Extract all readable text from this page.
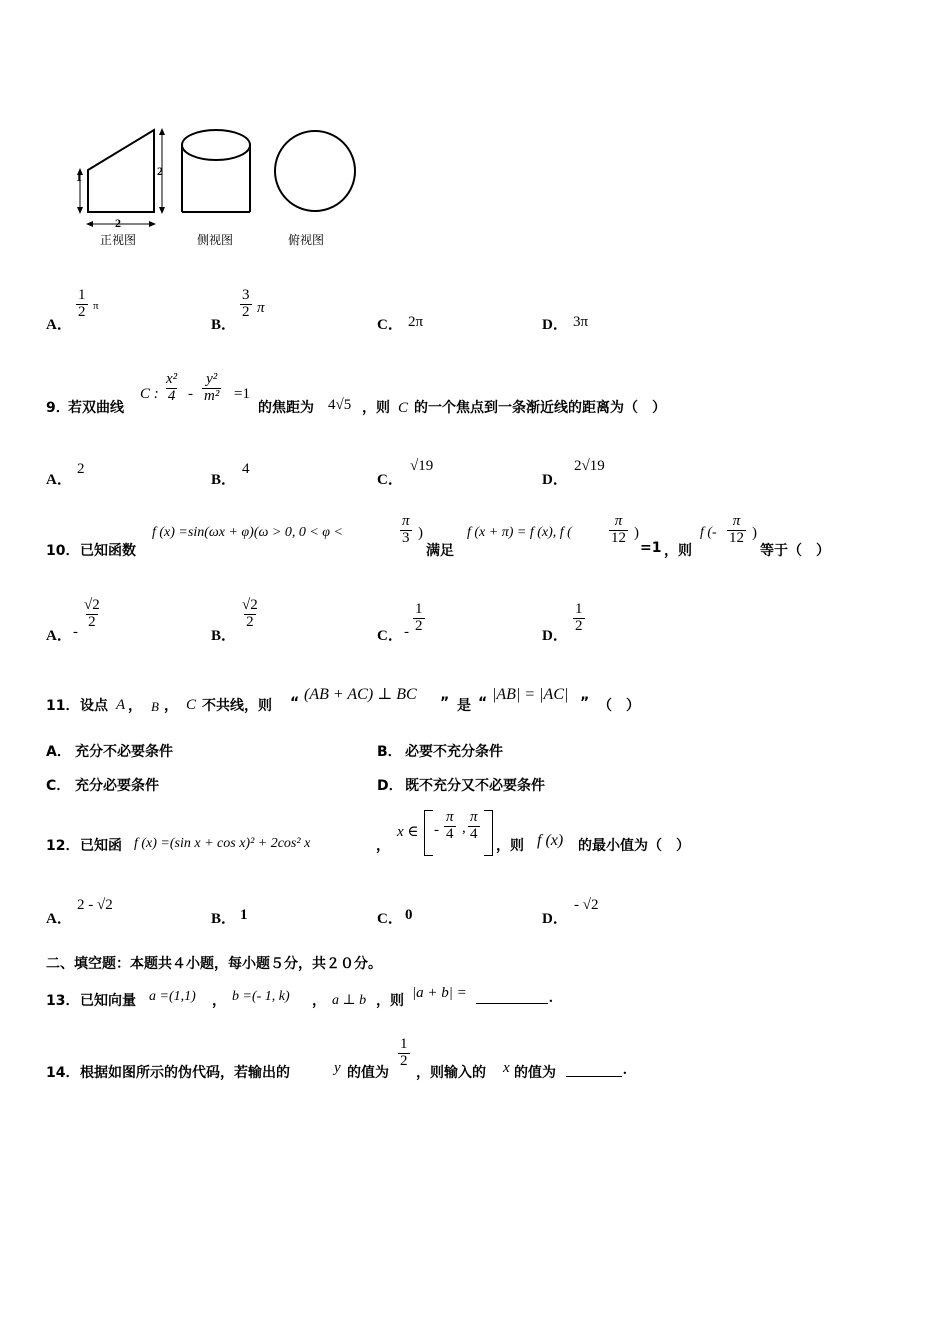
1	2
2
正视图	侧视图	俯视图
A．
$\frac{1}{2}$ π
B．
$\frac{3}{2}$ π
C． 2π	D． 3π
9．
若双曲线
C : $\frac{\text{x²}}{4} - \frac{\text{y²}}{\text{m²}} =1$
的焦距为 4√5 ，则 C 的一个焦点到一条渐近线的距离为（　）
A．
2
B．
4
C．
√19
D．
2√19
10． 已知函数
f (x) =sin(ωx + φ)(ω > 0, 0 < φ <	$\frac{\pi}{3}$ )
满足
f (x + π) = f (x), f ( $\frac{\pi}{12}$ )
=1 ，则
f (- $\frac{\pi}{12}$ )
等于（　）
A． -
$\frac{√2}{2}$
B．
$\frac{√2}{2}$
C． - $\frac{1}{2}$
D．
$\frac{1}{2}$
11． 设点 A ， B ， C 不共线，则 “ (AB + AC) ⊥ BC ” 是 “ |AB| = |AC| ” （　）
A． 充分不必要条件	B． 必要不充分条件
C． 充分必要条件	D． 既不充分又不必要条件
12． 已知函 f (x) =(sin x + cos x)² + 2cos² x	，
x ∈ - $\frac{\pi}{4}$ , $\frac{\pi}{4}$
，则 f (x) 的最小值为（　）
A．
2 - √2
B． 1	C． 0	D．
- √2
二、填空题：本题共４小题，每小题５分，共２０分。
13． 已知向量 a =(1,1) ， b =(- 1, k) ， a ⊥ b ，则 |a + b| =	.
14． 根据如图所示的伪代码，若输出的	y 的值为
$\frac{1}{2}$
，则输入的 x 的值为	.
